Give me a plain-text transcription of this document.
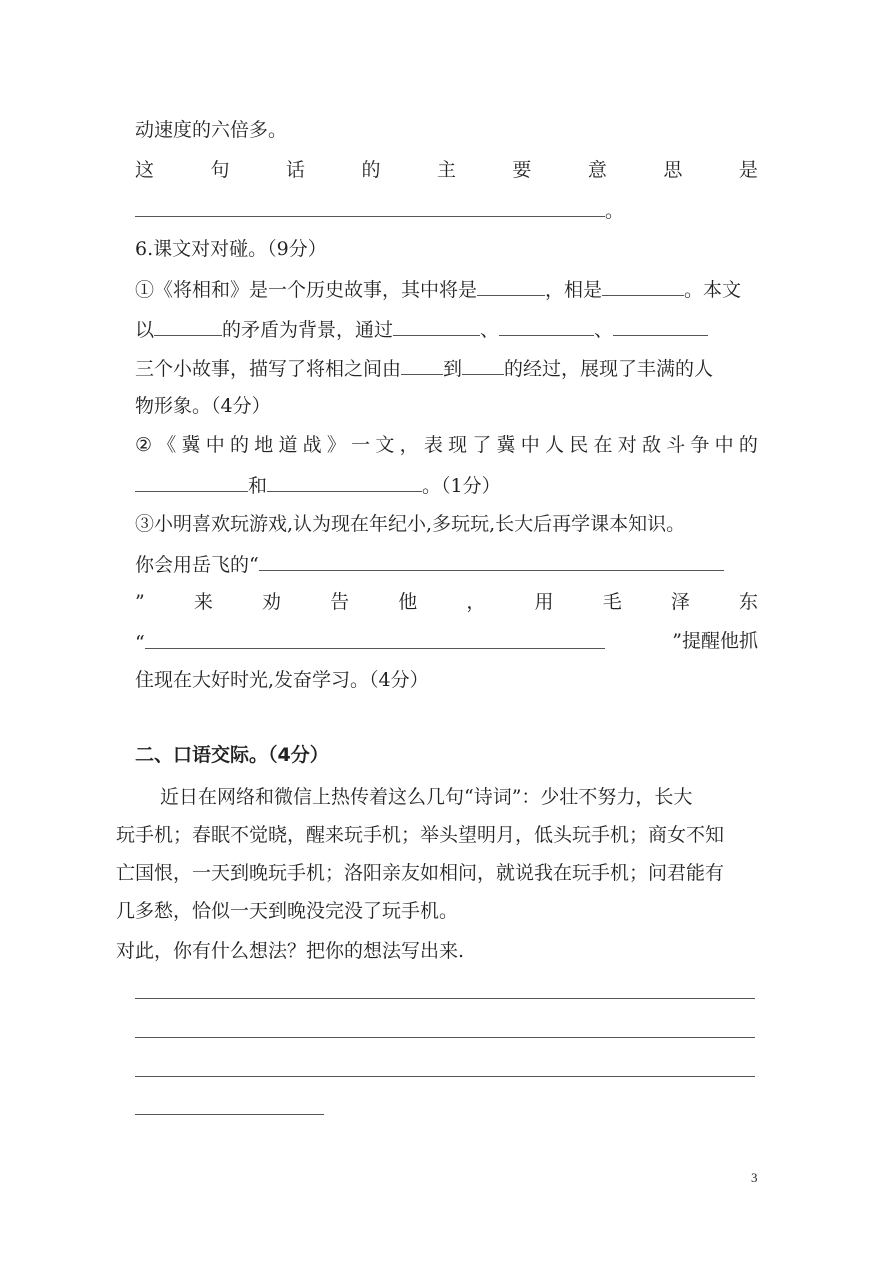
动速度的六倍多。
这	句	话	的	主	要	意	思	是
。
6.课文对对碰。（9分）
①《将相和》是一个历史故事，其中将是	，相是	。本文
以	的矛盾为背景，通过	、	、
三个小故事，描写了将相之间由 到 的经过，展现了丰满的人
物形象。（4分）
② 《 冀 中 的 地 道 战 》 一 文 ， 表 现 了 冀 中 人 民 在 对 敌 斗 争 中 的
和	。（1分）
③小明喜欢玩游戏,认为现在年纪小,多玩玩,长大后再学课本知识。
你会用岳飞的“
”	来	劝	告	他	，	用	毛	泽	东
“	”提醒他抓
住现在大好时光,发奋学习。（4分）
二、口语交际。（4分）
近日在网络和微信上热传着这么几句“诗词”：少壮不努力，长大
玩手机；春眠不觉晓，醒来玩手机；举头望明月，低头玩手机；商女不知
亡国恨，一天到晚玩手机；洛阳亲友如相问，就说我在玩手机；问君能有
几多愁，恰似一天到晚没完没了玩手机。
对此，你有什么想法？把你的想法写出来.
3
